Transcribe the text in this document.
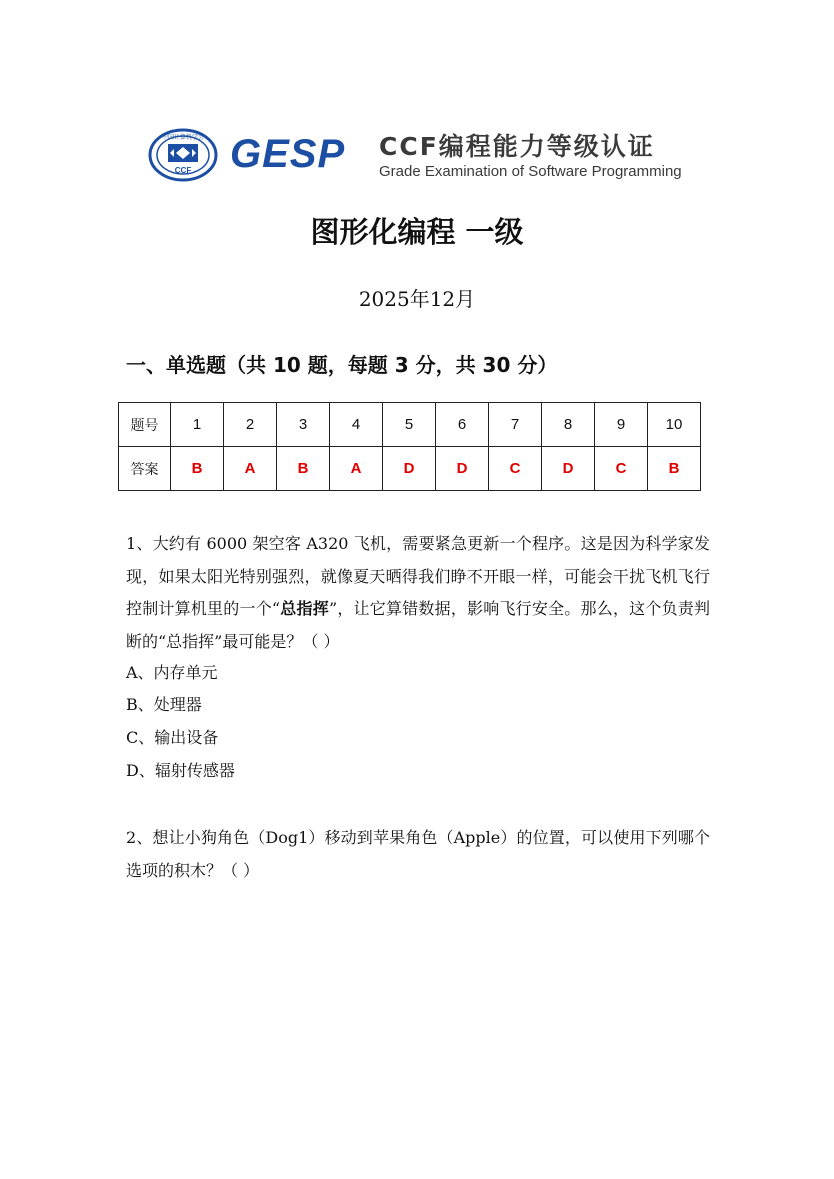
中国计算机学会
CCF GESP CCF编程能力等级认证
Grade Examination of Software Programming
图形化编程 一级
2025年12月
一、单选题（共 10 题，每题 3 分，共 30 分）
题号	1	2	3	4	5	6	7	8	9	10
答案	B	A	B	A	D	D	C	D	C	B
1、大约有 6000 架空客 A320 飞机，需要紧急更新一个程序。这是因为科学家发现，如果太阳光特别强烈，就像夏天晒得我们睁不开眼一样，可能会干扰飞机飞行控制计算机里的一个“总指挥”，让它算错数据，影响飞行安全。那么，这个负责判断的“总指挥”最可能是？（ ）
A、内存单元
B、处理器
C、输出设备
D、辐射传感器
2、想让小狗角色（Dog1）移动到苹果角色（Apple）的位置，可以使用下列哪个选项的积木？（ ）
